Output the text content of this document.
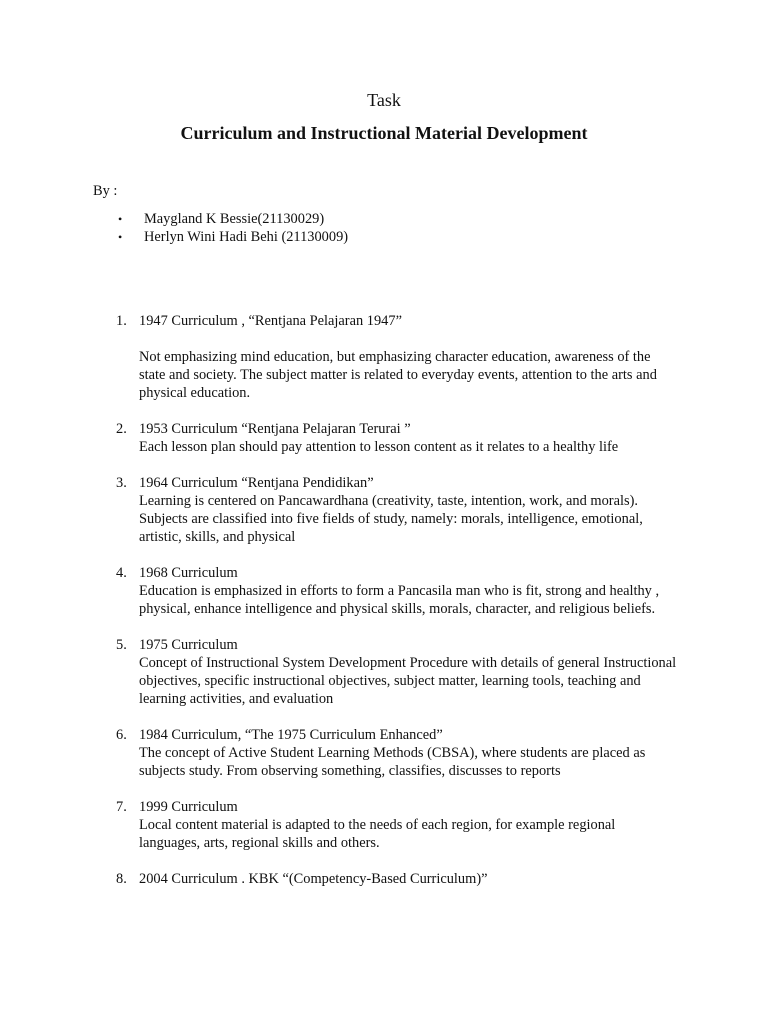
Task
Curriculum and Instructional Material Development
By :
• Maygland K Bessie(21130029)
• Herlyn Wini Hadi Behi (21130009)
1. 1947 Curriculum , “Rentjana Pelajaran 1947”
Not emphasizing mind education, but emphasizing character education, awareness of the state and society. The subject matter is related to everyday events, attention to the arts and physical education.
2. 1953 Curriculum “Rentjana Pelajaran Terurai ”
Each lesson plan should pay attention to lesson content as it relates to a healthy life
3. 1964 Curriculum “Rentjana Pendidikan”
Learning is centered on Pancawardhana (creativity, taste, intention, work, and morals). Subjects are classified into five fields of study, namely: morals, intelligence, emotional, artistic, skills, and physical
4. 1968 Curriculum
Education is emphasized in efforts to form a Pancasila man who is fit, strong and healthy , physical, enhance intelligence and physical skills, morals, character, and religious beliefs.
5. 1975 Curriculum
Concept of Instructional System Development Procedure with details of general Instructional objectives, specific instructional objectives, subject matter, learning tools, teaching and learning activities, and evaluation
6. 1984 Curriculum, “The 1975 Curriculum Enhanced”
The concept of Active Student Learning Methods (CBSA), where students are placed as subjects study. From observing something, classifies, discusses to reports
7. 1999 Curriculum
Local content material is adapted to the needs of each region, for example regional languages, arts, regional skills and others.
8. 2004 Curriculum . KBK “(Competency-Based Curriculum)”
